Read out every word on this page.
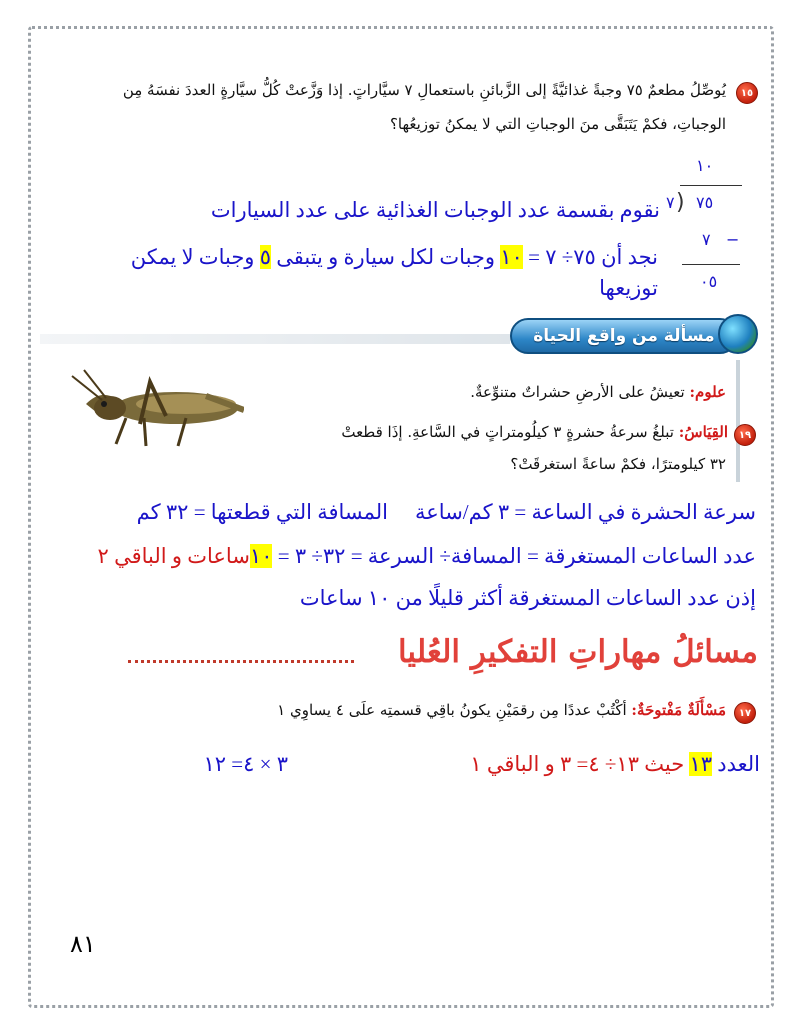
١٥
يُوصِّلُ مطعمٌ ٧٥ وجبةً غذائيَّةً إلى الزَّبائنِ باستعمالِ ٧ سيَّاراتٍ. إذا وَزَّعتْ كُلُّ سيَّارةٍ العددَ نفسَهُ مِن
الوجباتِ، فكمْ يَتَبَقَّى منَ الوجباتِ التي لا يمكنُ توزيعُها؟
١٠
٧ ) ٧٥
٧ −
٠٥
نقوم بقسمة عدد الوجبات الغذائية على عدد السيارات
نجد أن ٧٥÷ ٧ = ١٠ وجبات لكل سيارة و يتبقى ٥ وجبات لا يمكن
توزيعها
مسألة من واقع الحياة
علوم: تعيشُ على الأرضِ حشراتٌ متنوِّعةٌ.
١٩
القِيَاسُ: تبلغُ سرعةُ حشرةٍ ٣ كيلُومتراتٍ في السَّاعةِ. إذَا قطعتْ
٣٢ كيلومترًا، فكمْ ساعةً استغرقَتْ؟
سرعة الحشرة في الساعة = ٣ كم/ساعة
المسافة التي قطعتها = ٣٢ كم
عدد الساعات المستغرقة = المسافة÷ السرعة = ٣٢÷ ٣ = ١٠ساعات و الباقي ٢
إذن عدد الساعات المستغرقة أكثر قليلًا من ١٠ ساعات
مسائلُ مهاراتِ التفكيرِ العُليا
١٧
مَسْأَلَةٌ مَفْتوحَةٌ: أكْتُبْ عددًا مِن رقمَيْنِ يكونُ باقِي قسمتِه علَى ٤ يساوِي ١
العدد ١٣ حيث ١٣÷ ٤= ٣ و الباقي ١
٣ × ٤= ١٢
٨١
